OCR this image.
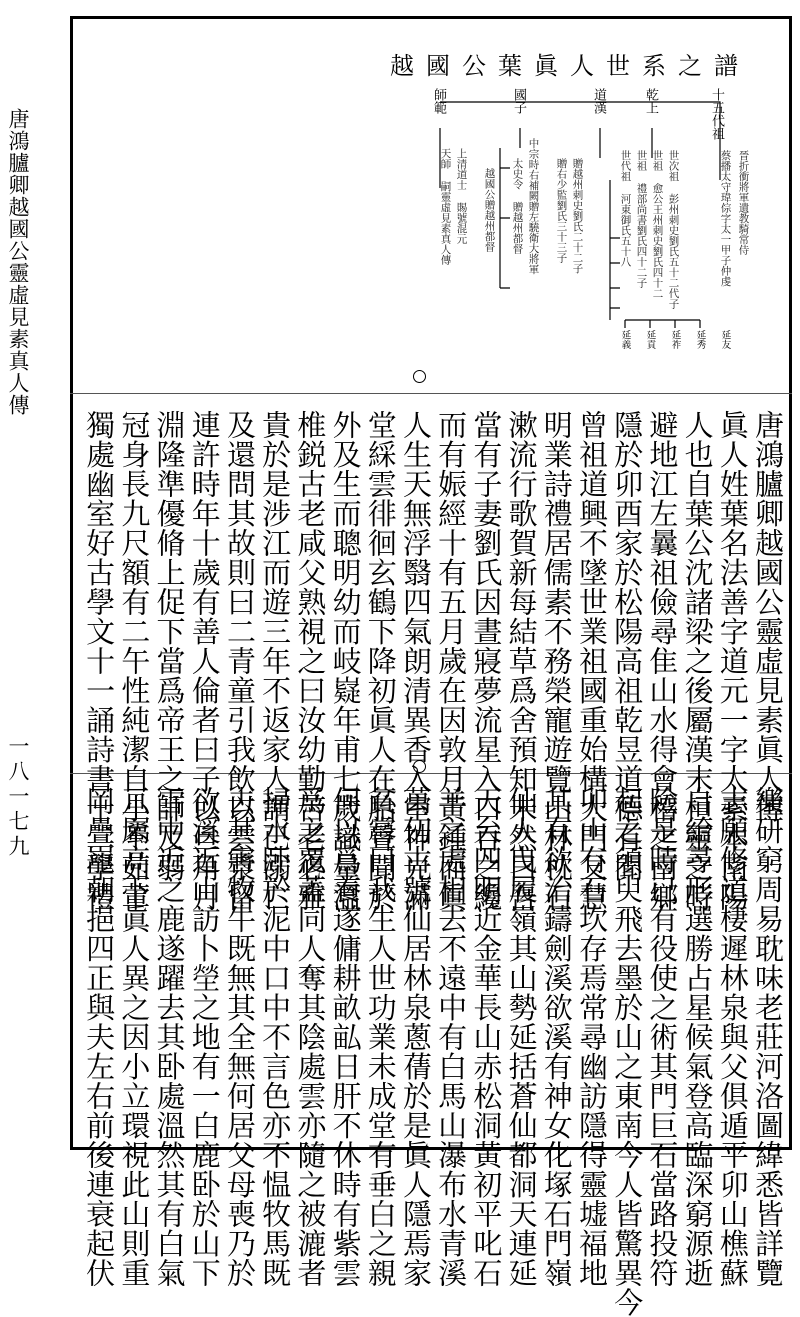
唐鴻臚卿越國公靈虛見素真人傳
一八一七九
越國公葉眞人世系之譜
十五代祖
晉折衝將軍遺教騎常侍
蔡播太守瑋倧字太一甲子仲虔
乾上
世次祖 彭州刺史劉氏五十二代子
世祖 愈公王州刺史劉氏四十二
世祖 禮部尚書劉氏四十二子
世代祖 河東御氏五十八
道漢
贈越州刺史劉氏二十二子
贈右少監劉氏三十三子
國子
中宗時右補闕贈左驍衛大將軍
太史令 贈越州都督
越國公贈越州都督
師範
上清道士 賜號混元
天師 嗣靈虛見素真人傳
延義 延貢 延祚 延秀 延友
唐鴻臚卿越國公靈虛見素眞人傳
眞人姓葉名法善字道元一字太素本南陽
人也自葉公沈諸梁之後屬漢末桓靈之時
避地江左曩祖儉尋隹山水得會稽之南鄉
隱於卯酉家於松陽高祖乾昱道德有聞
曾祖道興不墜世業祖國重始構大門父慧
明業詩禮居儒素不務榮寵遊覽山林枕石
漱流行歌賀新每結草爲舍預知未然曰吾
當有子妻劉氏因晝寢夢流星入口吞之纔
而有娠經十有五月歲在因敦月黃鍾而眞
人生天無浮翳四氣朗清異香入室神光滿
堂綵雲徘徊玄鶴下降初眞人在胎聲聞於
外及生而聰明幼而岐嶷年甫七歲識量溫
椎鋭古老咸父熟視之曰汝幼勤苦老必雅
貴於是涉江而遊三年不返家人謂已溺亡
及還問其故則曰二青童引我飲以雲漿留
連許時年十歲有善人倫者曰子以旦角月
淵隆準優脩上促下當爲帝王之師及弱
冠身長九尺額有二午性純潔自小不茹葷
獨處幽室好古學文十一誦詩書十二學禮
樂研窮周易耽味老莊河洛圖緯悉皆詳覽
志願修道棲遲林泉與父俱遁平卯山樵蘇
自給尋形選勝占星候氣登高臨深窮源逝
險是時已有役使之術其門巨石當路投符
起之須臾飛去墨於山之東南今人皆驚異今
卯山有石坎存焉常尋幽訪隱得靈墟福地
其有欲治鑄劍溪欲溪有神女化塚石門嶺
仙人曳履嶺其山勢延括蒼仙都洞天連延
天台四明近金華長山赤松洞黃初平叱石
羊之處相去不遠中有白馬山瀑布水青溪
萬仞古號仙居林泉蔥蒨於是眞人隱焉家
貧嘗曰我生人世功業未成堂有垂白之親
何以爲養遂傭耕畝畆日肝不休時有紫雲
爲之覆蓋同人奪其陰處雲亦隨之被漉者
掃水卧於泥中口中不言色亦不愠牧馬既
去其害牧牛既無其全無何居父母喪乃於
欲溪近山訪卜塋之地有一白鹿卧於山下
雪中近之鹿遂躍去其卧處溫然其有白氣
亘屬高下眞人異之因小立環視此山則重
岡疊巃朝挹四正與夫左右前後連衰起伏
